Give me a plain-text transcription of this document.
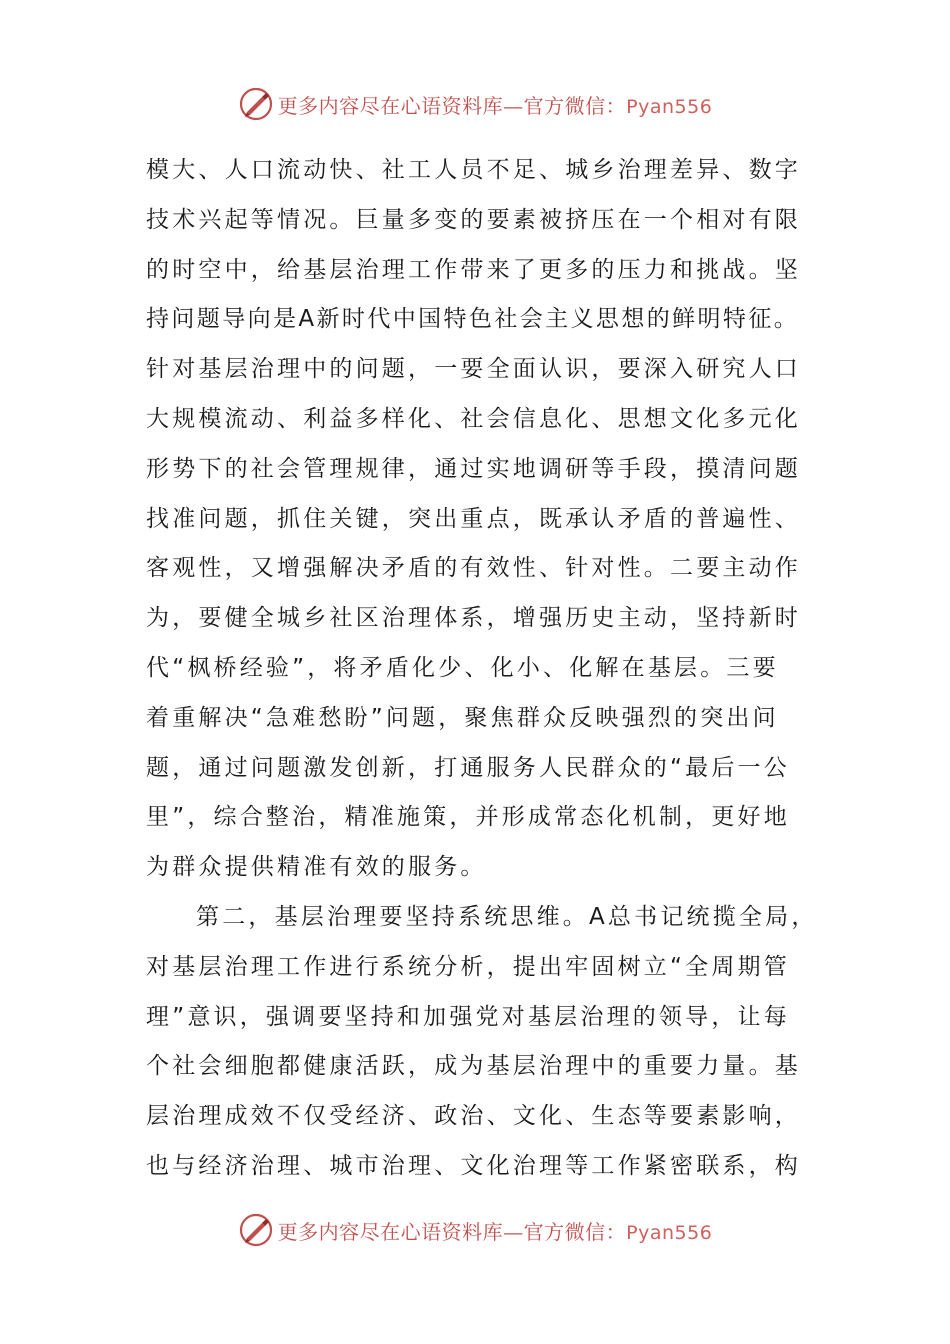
更多内容尽在心语资料库—官方微信：Pyan556
模大、人口流动快、社工人员不足、城乡治理差异、数字
技术兴起等情况。巨量多变的要素被挤压在一个相对有限
的时空中，给基层治理工作带来了更多的压力和挑战。坚
持问题导向是A新时代中国特色社会主义思想的鲜明特征。
针对基层治理中的问题，一要全面认识，要深入研究人口
大规模流动、利益多样化、社会信息化、思想文化多元化
形势下的社会管理规律，通过实地调研等手段，摸清问题
找准问题，抓住关键，突出重点，既承认矛盾的普遍性、
客观性，又增强解决矛盾的有效性、针对性。二要主动作
为，要健全城乡社区治理体系，增强历史主动，坚持新时
代“枫桥经验”，将矛盾化少、化小、化解在基层。三要
着重解决“急难愁盼”问题，聚焦群众反映强烈的突出问
题，通过问题激发创新，打通服务人民群众的“最后一公
里”，综合整治，精准施策，并形成常态化机制，更好地
为群众提供精准有效的服务。
第二，基层治理要坚持系统思维。A总书记统揽全局，
对基层治理工作进行系统分析，提出牢固树立“全周期管
理”意识，强调要坚持和加强党对基层治理的领导，让每
个社会细胞都健康活跃，成为基层治理中的重要力量。基
层治理成效不仅受经济、政治、文化、生态等要素影响，
也与经济治理、城市治理、文化治理等工作紧密联系，构
更多内容尽在心语资料库—官方微信：Pyan556
